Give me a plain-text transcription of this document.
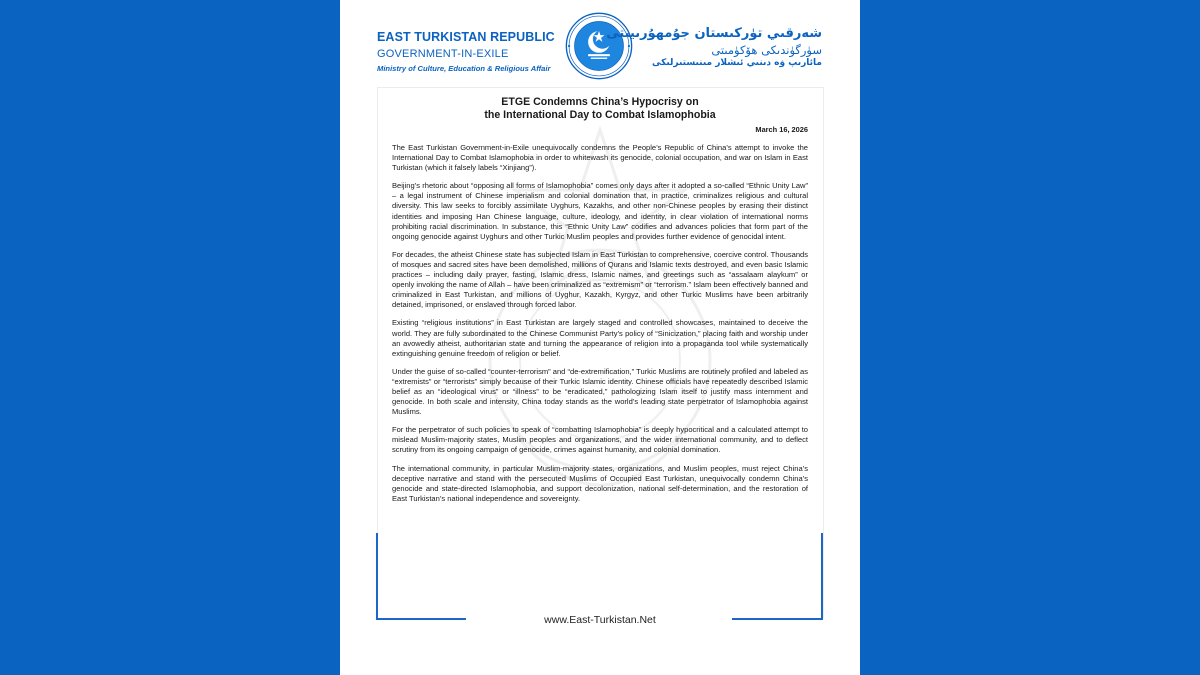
EAST TURKISTAN REPUBLIC
GOVERNMENT-IN-EXILE
Ministry of Culture, Education & Religious Affair
شەرقىي تۈركىستان جۇمھۇرىيىتى
سۈرگۈندىكى ھۆكۈمىتى
مائارىپ ۋە دىنىي ئىشلار مىنىستىرلىكى
ETGE Condemns China’s Hypocrisy on
the International Day to Combat Islamophobia
March 16, 2026

The East Turkistan Government-in-Exile unequivocally condemns the People’s Republic of China’s attempt to invoke the International Day to Combat Islamophobia in order to whitewash its genocide, colonial occupation, and war on Islam in East Turkistan (which it falsely labels “Xinjiang”).

Beijing’s rhetoric about “opposing all forms of Islamophobia” comes only days after it adopted a so-called “Ethnic Unity Law” – a legal instrument of Chinese imperialism and colonial domination that, in practice, criminalizes religious and cultural diversity. This law seeks to forcibly assimilate Uyghurs, Kazakhs, and other non-Chinese peoples by erasing their distinct identities and imposing Han Chinese language, culture, ideology, and identity, in clear violation of international norms prohibiting racial discrimination. In substance, this “Ethnic Unity Law” codifies and advances policies that form part of the ongoing genocide against Uyghurs and other Turkic Muslim peoples and provides further evidence of genocidal intent.

For decades, the atheist Chinese state has subjected Islam in East Turkistan to comprehensive, coercive control. Thousands of mosques and sacred sites have been demolished, millions of Qurans and Islamic texts destroyed, and even basic Islamic practices – including daily prayer, fasting, Islamic dress, Islamic names, and greetings such as “assalaam alaykum” or openly invoking the name of Allah – have been criminalized as “extremism” or “terrorism.” Islam been effectively banned and criminalized in East Turkistan, and millions of Uyghur, Kazakh, Kyrgyz, and other Turkic Muslims have been arbitrarily detained, imprisoned, or enslaved through forced labor.

Existing “religious institutions” in East Turkistan are largely staged and controlled showcases, maintained to deceive the world. They are fully subordinated to the Chinese Communist Party’s policy of “Sinicization,” placing faith and worship under an avowedly atheist, authoritarian state and turning the appearance of religion into a propaganda tool while systematically extinguishing genuine freedom of religion or belief.

Under the guise of so-called “counter-terrorism” and “de-extremification,” Turkic Muslims are routinely profiled and labeled as “extremists” or “terrorists” simply because of their Turkic Islamic identity. Chinese officials have repeatedly described Islamic belief as an “ideological virus” or “illness” to be “eradicated,” pathologizing Islam itself to justify mass internment and genocide. In both scale and intensity, China today stands as the world’s leading state perpetrator of Islamophobia against Muslims.

For the perpetrator of such policies to speak of “combatting Islamophobia” is deeply hypocritical and a calculated attempt to mislead Muslim-majority states, Muslim peoples and organizations, and the wider international community, and to deflect scrutiny from its ongoing campaign of genocide, crimes against humanity, and colonial domination.

The international community, in particular Muslim-majority states, organizations, and Muslim peoples, must reject China’s deceptive narrative and stand with the persecuted Muslims of Occupied East Turkistan, unequivocally condemn China’s genocide and state-directed Islamophobia, and support decolonization, national self-determination, and the restoration of East Turkistan’s national independence and sovereignty.

www.East-Turkistan.Net
